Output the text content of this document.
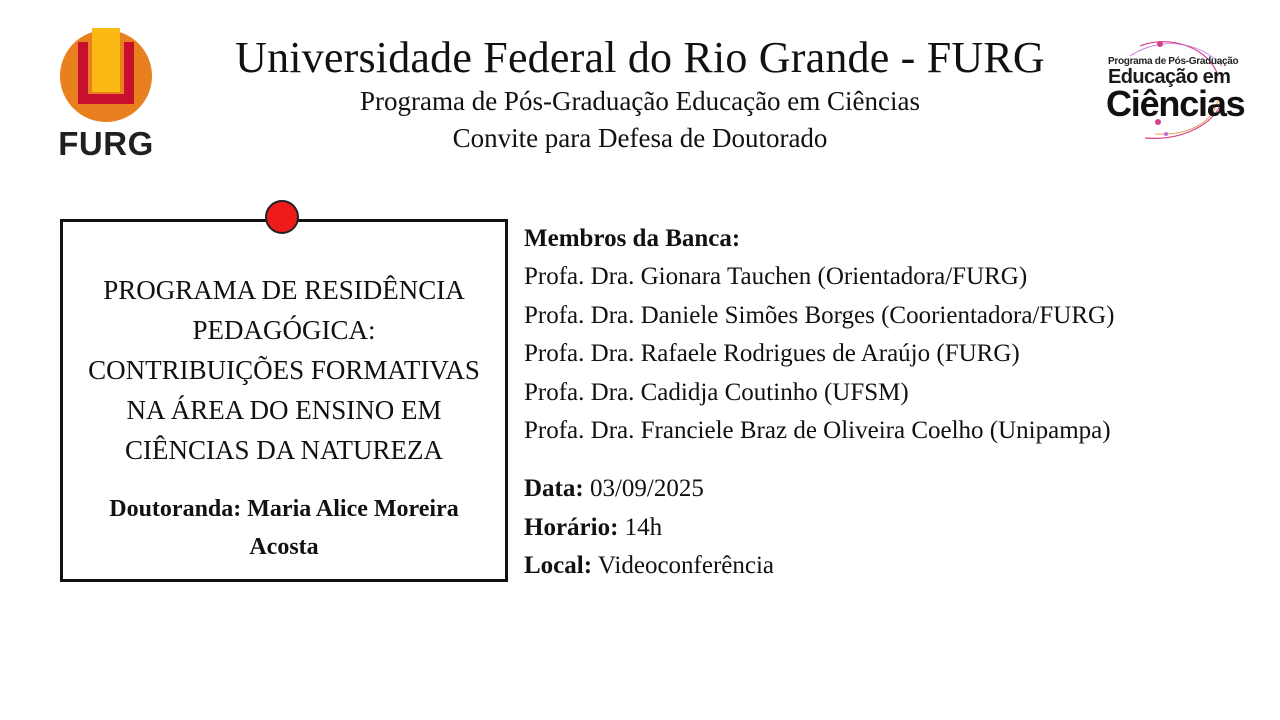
FURG
Universidade Federal do Rio Grande - FURG

Programa de Pós-Graduação Educação em Ciências

Convite para Defesa de Doutorado

Programa de Pós-Graduação
Educação em
Ciências
PROGRAMA DE RESIDÊNCIA
PEDAGÓGICA:
CONTRIBUIÇÕES FORMATIVAS
NA ÁREA DO ENSINO EM
CIÊNCIAS DA NATUREZA
Doutoranda: Maria Alice Moreira
Acosta

Membros da Banca:

Profa. Dra. Gionara Tauchen (Orientadora/FURG)

Profa. Dra. Daniele Simões Borges (Coorientadora/FURG)

Profa. Dra. Rafaele Rodrigues de Araújo (FURG)

Profa. Dra. Cadidja Coutinho (UFSM)

Profa. Dra. Franciele Braz de Oliveira Coelho (Unipampa)

Data: 03/09/2025

Horário: 14h

Local: Videoconferência
